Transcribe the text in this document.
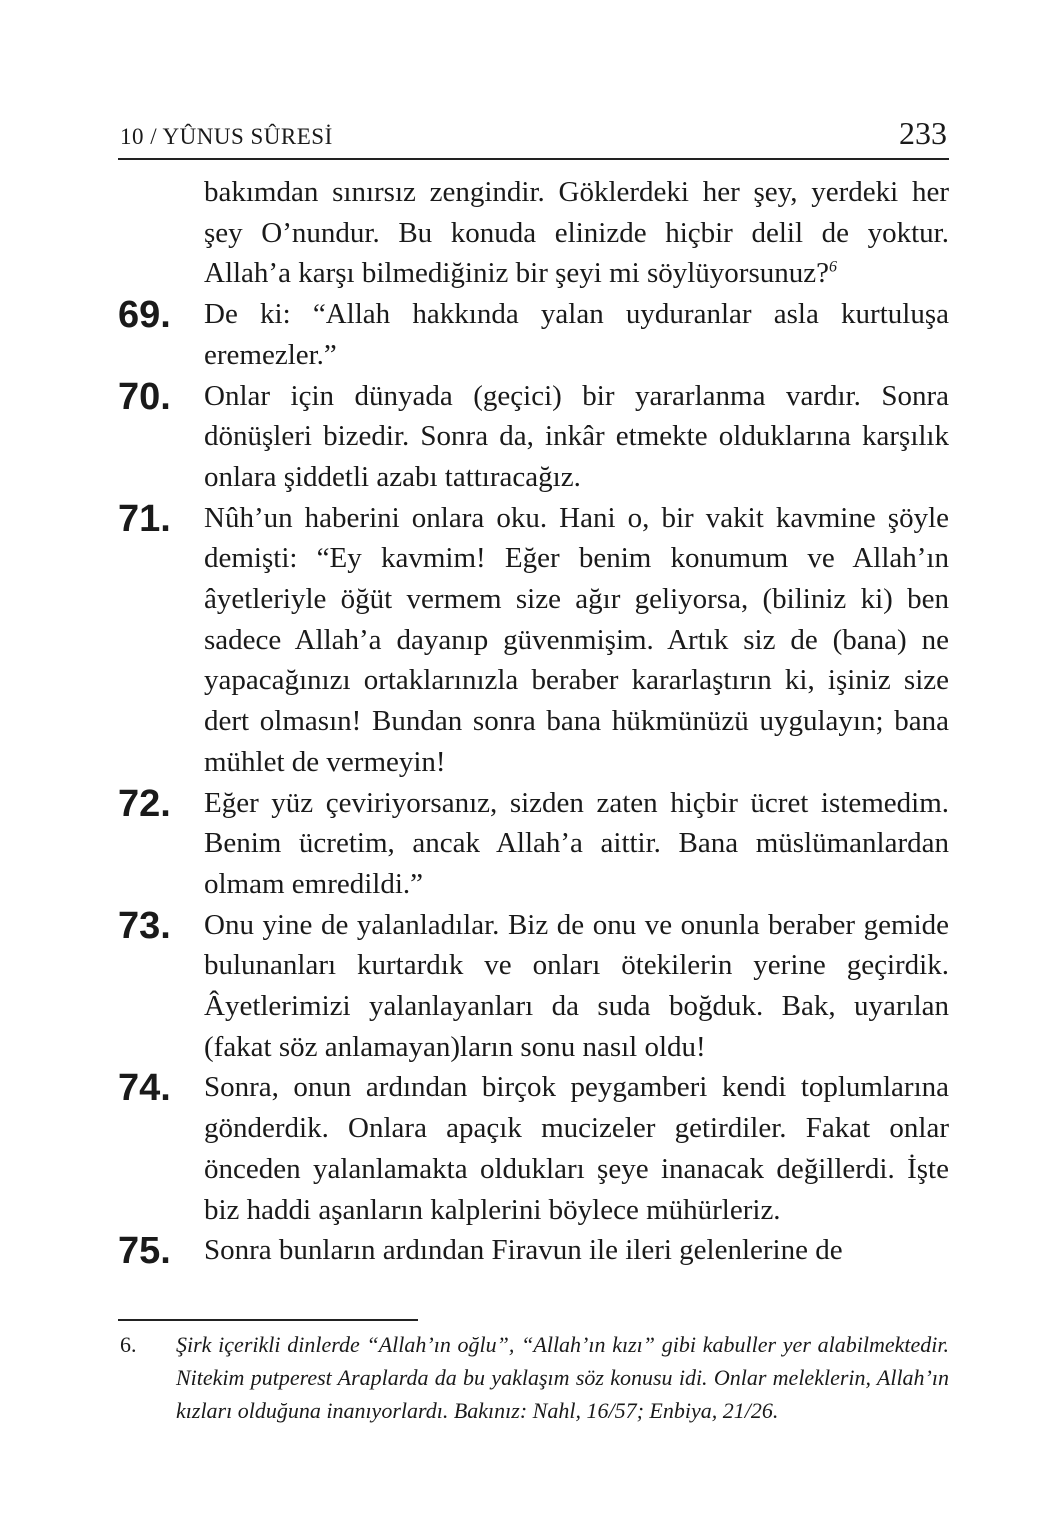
10 / YÛNUS SÛRESİ	233
bakımdan sınırsız zengindir. Göklerdeki her şey, yerdeki her şey O’nundur. Bu konuda elinizde hiçbir delil de yoktur. Allah’a karşı bilmediğiniz bir şeyi mi söylüyorsunuz?$^6$
69. De ki: “Allah hakkında yalan uyduranlar asla kurtuluşa eremezler.”
70. Onlar için dünyada (geçici) bir yararlanma vardır. Sonra dönüşleri bizedir. Sonra da, inkâr etmekte olduklarına karşılık onlara şiddetli azabı tattıracağız.
71. Nûh’un haberini onlara oku. Hani o, bir vakit kavmine şöyle demişti: “Ey kavmim! Eğer benim konumum ve Allah’ın âyetleriyle öğüt vermem size ağır geliyorsa, (biliniz ki) ben sadece Allah’a dayanıp güvenmişim. Artık siz de (bana) ne yapacağınızı ortaklarınızla beraber kararlaştırın ki, işiniz size dert olmasın! Bundan sonra bana hükmünüzü uygulayın; bana mühlet de vermeyin!
72. Eğer yüz çeviriyorsanız, sizden zaten hiçbir ücret istemedim. Benim ücretim, ancak Allah’a aittir. Bana müslümanlardan olmam emredildi.”
73. Onu yine de yalanladılar. Biz de onu ve onunla beraber gemide bulunanları kurtardık ve onları ötekilerin yerine geçirdik. Âyetlerimizi yalanlayanları da suda boğduk. Bak, uyarılan (fakat söz anlamayan)ların sonu nasıl oldu!
74. Sonra, onun ardından birçok peygamberi kendi toplumlarına gönderdik. Onlara apaçık mucizeler getirdiler. Fakat onlar önceden yalanlamakta oldukları şeye inanacak değillerdi. İşte biz haddi aşanların kalplerini böylece mühürleriz.
75. Sonra bunların ardından Firavun ile ileri gelenlerine de
6. Şirk içerikli dinlerde “Allah’ın oğlu”, “Allah’ın kızı” gibi kabuller yer alabilmektedir. Nitekim putperest Araplarda da bu yaklaşım söz konusu idi. Onlar meleklerin, Allah’ın kızları olduğuna inanıyorlardı. Bakınız: Nahl, 16/57; Enbiya, 21/26.
